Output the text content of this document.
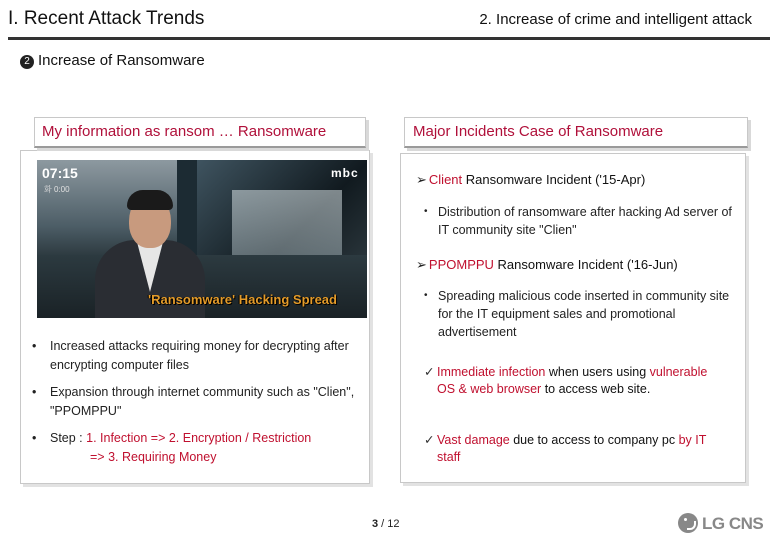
I. Recent Attack Trends	2. Increase of crime and intelligent attack
2 Increase of Ransomware
My information as ransom … Ransomware
07:15
화 0:00
mbc
'Ransomware' Hacking Spread
•	Increased attacks requiring money for decrypting after encrypting computer files
•	Expansion through internet community such as "Clien", "PPOMPPU"
•	Step : 1. Infection => 2. Encryption / Restriction
=> 3. Requiring Money
Major Incidents Case of Ransomware
➢ Client Ransomware Incident ('15-Apr)
• Distribution of ransomware after hacking Ad server of IT community site "Clien"
➢ PPOMPPU Ransomware Incident ('16-Jun)
• Spreading malicious code inserted in community site for the IT equipment sales and promotional advertisement
✓ Immediate infection when users using vulnerable OS & web browser to access web site.
✓ Vast damage due to access to company pc by IT staff
3 / 12	LG CNS
